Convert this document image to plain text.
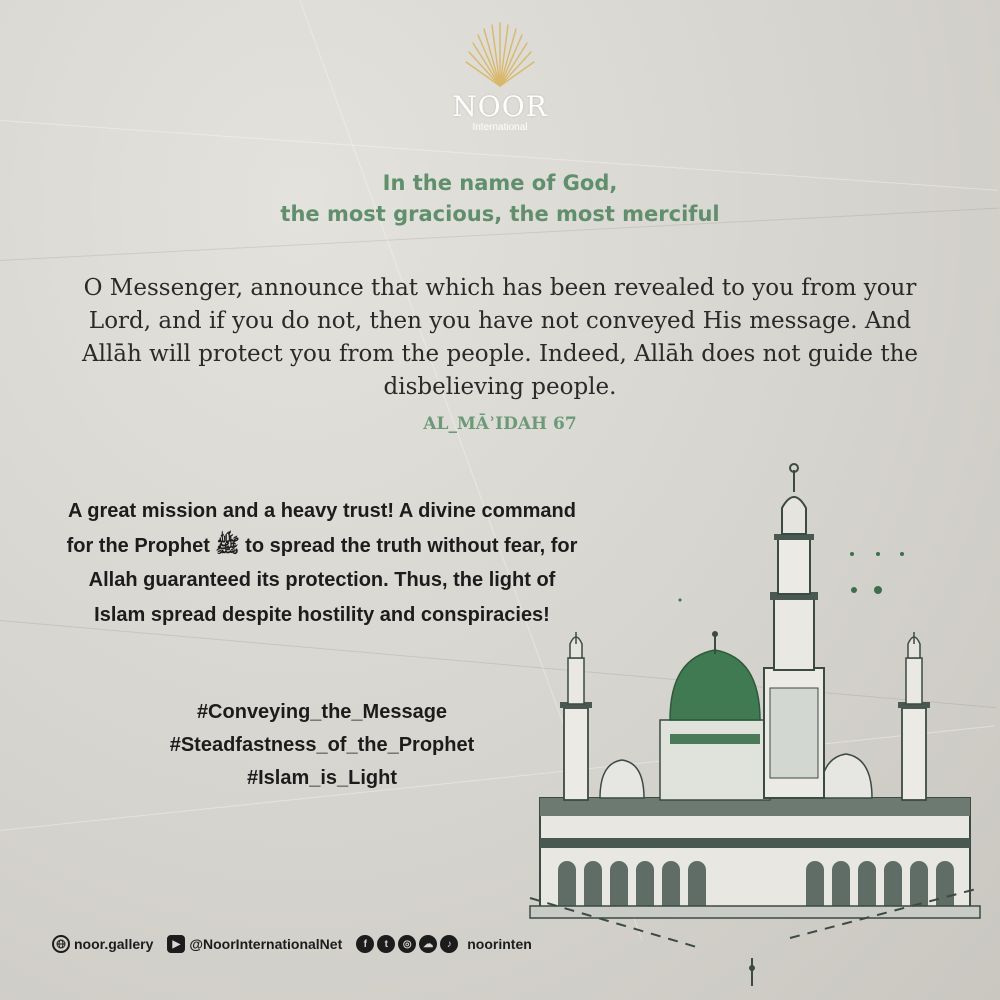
NOOR
International
In the name of God,
the most gracious, the most merciful
O Messenger, announce that which has been revealed to you from your Lord, and if you do not, then you have not conveyed His message. And Allāh will protect you from the people. Indeed, Allāh does not guide the disbelieving people.
AL_MĀʾIDAH 67
A great mission and a heavy trust! A divine command for the Prophet ﷺ to spread the truth without fear, for Allah guaranteed its protection. Thus, the light of Islam spread despite hostility and conspiracies!
#Conveying_the_Message
#Steadfastness_of_the_Prophet
#Islam_is_Light
noor.gallery	▶ @NoorInternationalNet	f	t	◎	☁	♪	noorinten
